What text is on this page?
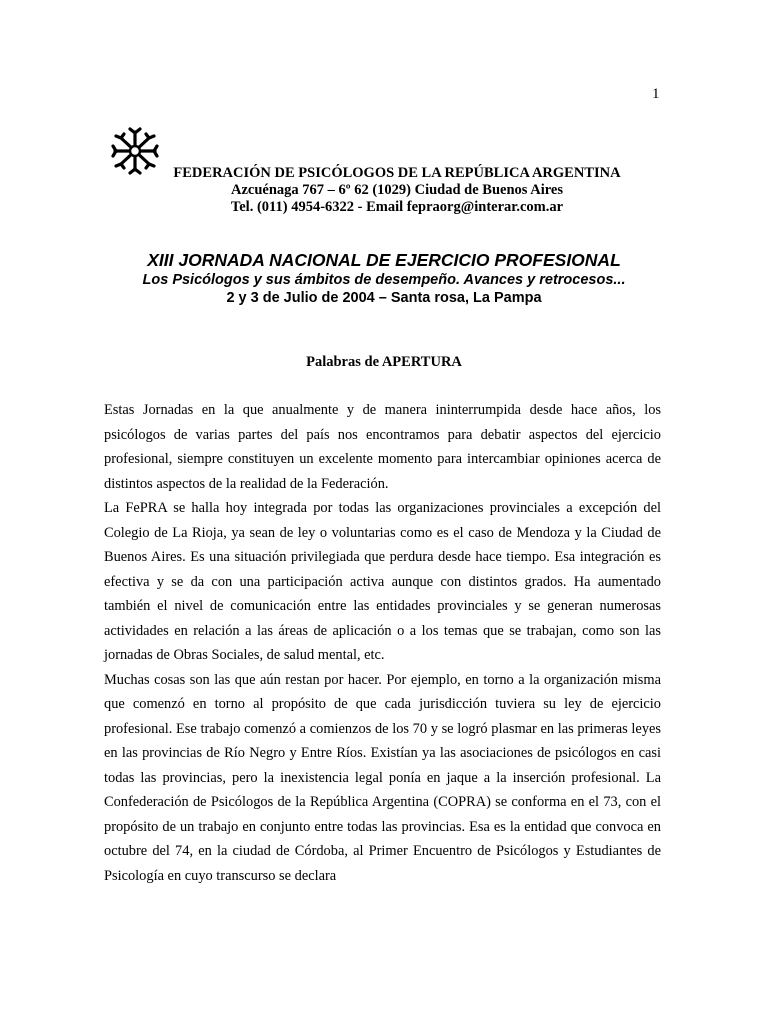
1
FEDERACIÓN DE PSICÓLOGOS DE LA REPÚBLICA ARGENTINA
Azcuénaga 767 – 6º 62 (1029) Ciudad de Buenos Aires
Tel. (011) 4954-6322 - Email fepraorg@interar.com.ar
XIII JORNADA NACIONAL DE EJERCICIO PROFESIONAL
Los Psicólogos y sus ámbitos de desempeño. Avances y retrocesos...
2 y 3 de Julio de 2004 – Santa rosa, La Pampa
Palabras de APERTURA

Estas Jornadas en la que anualmente y de manera ininterrumpida desde hace años, los psicólogos de varias partes del país nos encontramos para debatir aspectos del ejercicio profesional, siempre constituyen un excelente momento para intercambiar opiniones acerca de distintos aspectos de la realidad de la Federación.

La FePRA se halla hoy integrada por todas las organizaciones provinciales a excepción del Colegio de La Rioja, ya sean de ley o voluntarias como es el caso de Mendoza y la Ciudad de Buenos Aires. Es una situación privilegiada que perdura desde hace tiempo. Esa integración es efectiva y se da con una participación activa aunque con distintos grados. Ha aumentado también el nivel de comunicación entre las entidades provinciales y se generan numerosas actividades en relación a las áreas de aplicación o a los temas que se trabajan, como son las jornadas de Obras Sociales, de salud mental, etc.

Muchas cosas son las que aún restan por hacer. Por ejemplo, en torno a la organización misma que comenzó en torno al propósito de que cada jurisdicción tuviera su ley de ejercicio profesional. Ese trabajo comenzó a comienzos de los 70 y se logró plasmar en las primeras leyes en las provincias de Río Negro y Entre Ríos. Existían ya las asociaciones de psicólogos en casi todas las provincias, pero la inexistencia legal ponía en jaque a la inserción profesional. La Confederación de Psicólogos de la República Argentina (COPRA) se conforma en el 73, con el propósito de un trabajo en conjunto entre todas las provincias. Esa es la entidad que convoca en octubre del 74, en la ciudad de Córdoba, al Primer Encuentro de Psicólogos y Estudiantes de Psicología en cuyo transcurso se declara
